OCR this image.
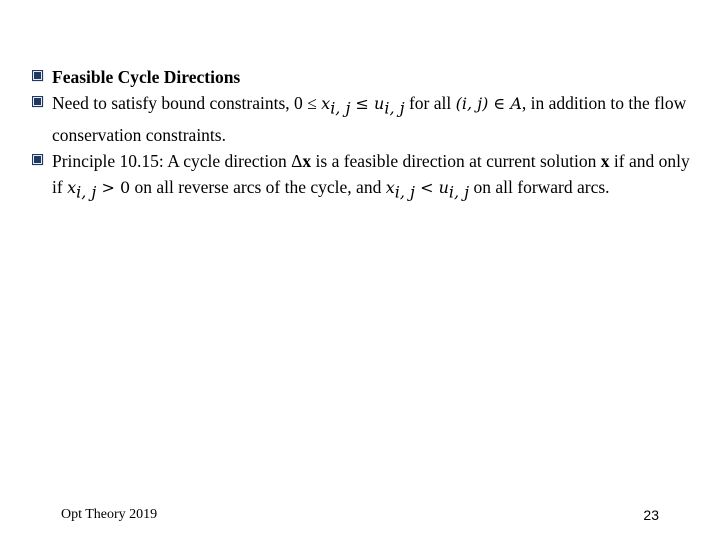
Feasible Cycle Directions
Need to satisfy bound constraints, $0 \le x_{i, j} \le u_{i, j}$ for all (i, j) ∈ A, in addition to the flow conservation constraints.
Principle 10.15: A cycle direction Δx is a feasible direction at current solution x if and only if $x_{i, j} > 0$ on all reverse arcs of the cycle, and $x_{i, j} < u_{i, j}$ on all forward arcs.
Opt Theory 2019	23
